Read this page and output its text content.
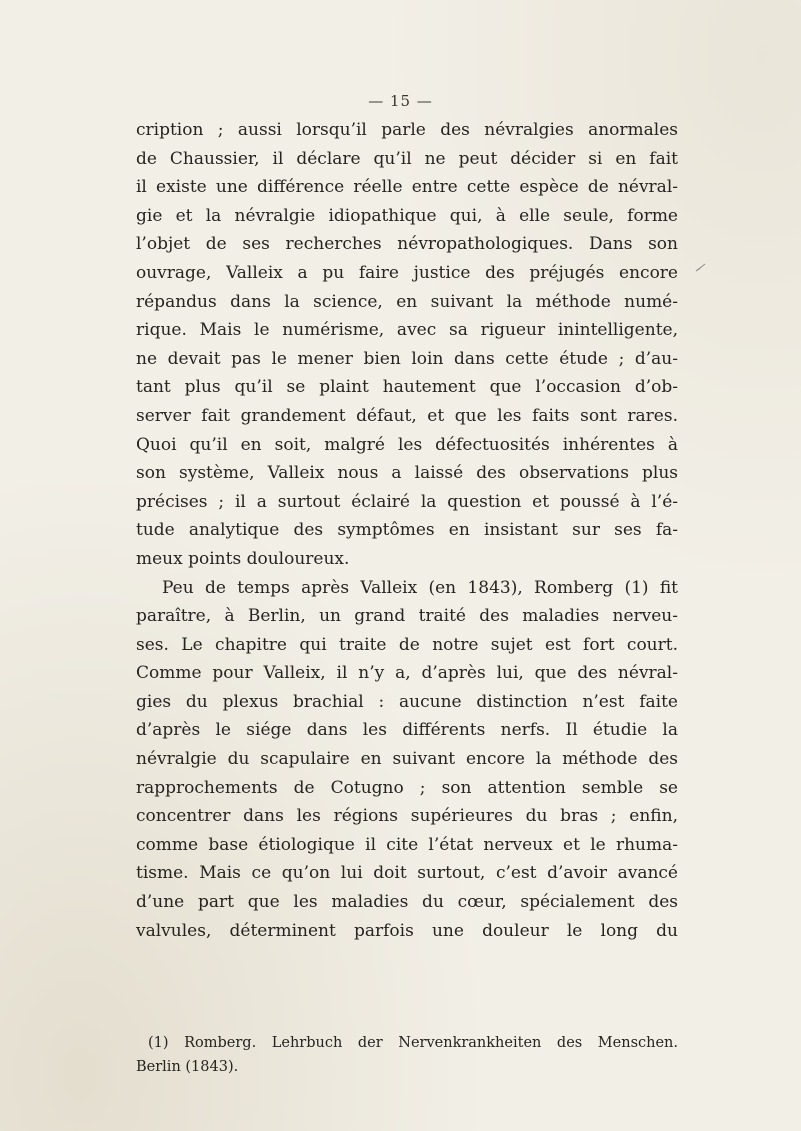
— 15 —
cription ; aussi lorsqu’il parle des névralgies anormales
de Chaussier, il déclare qu’il ne peut décider si en fait
il existe une différence réelle entre cette espèce de névral-
gie et la névralgie idiopathique qui, à elle seule, forme
l’objet de ses recherches névropathologiques. Dans son
ouvrage, Valleix a pu faire justice des préjugés encore
répandus dans la science, en suivant la méthode numé-
rique. Mais le numérisme, avec sa rigueur inintelligente,
ne devait pas le mener bien loin dans cette étude ; d’au-
tant plus qu’il se plaint hautement que l’occasion d’ob-
server fait grandement défaut, et que les faits sont rares.
Quoi qu’il en soit, malgré les défectuosités inhérentes à
son système, Valleix nous a laissé des observations plus
précises ; il a surtout éclairé la question et poussé à l’é-
tude analytique des symptômes en insistant sur ses fa-
meux points douloureux.
Peu de temps après Valleix (en 1843), Romberg (1) fit
paraître, à Berlin, un grand traité des maladies nerveu-
ses. Le chapitre qui traite de notre sujet est fort court.
Comme pour Valleix, il n’y a, d’après lui, que des névral-
gies du plexus brachial : aucune distinction n’est faite
d’après le siége dans les différents nerfs. Il étudie la
névralgie du scapulaire en suivant encore la méthode des
rapprochements de Cotugno ; son attention semble se
concentrer dans les régions supérieures du bras ; enfin,
comme base étiologique il cite l’état nerveux et le rhuma-
tisme. Mais ce qu’on lui doit surtout, c’est d’avoir avancé
d’une part que les maladies du cœur, spécialement des
valvules, déterminent parfois une douleur le long du
(1) Romberg. Lehrbuch der Nervenkrankheiten des Menschen.
Berlin (1843).
